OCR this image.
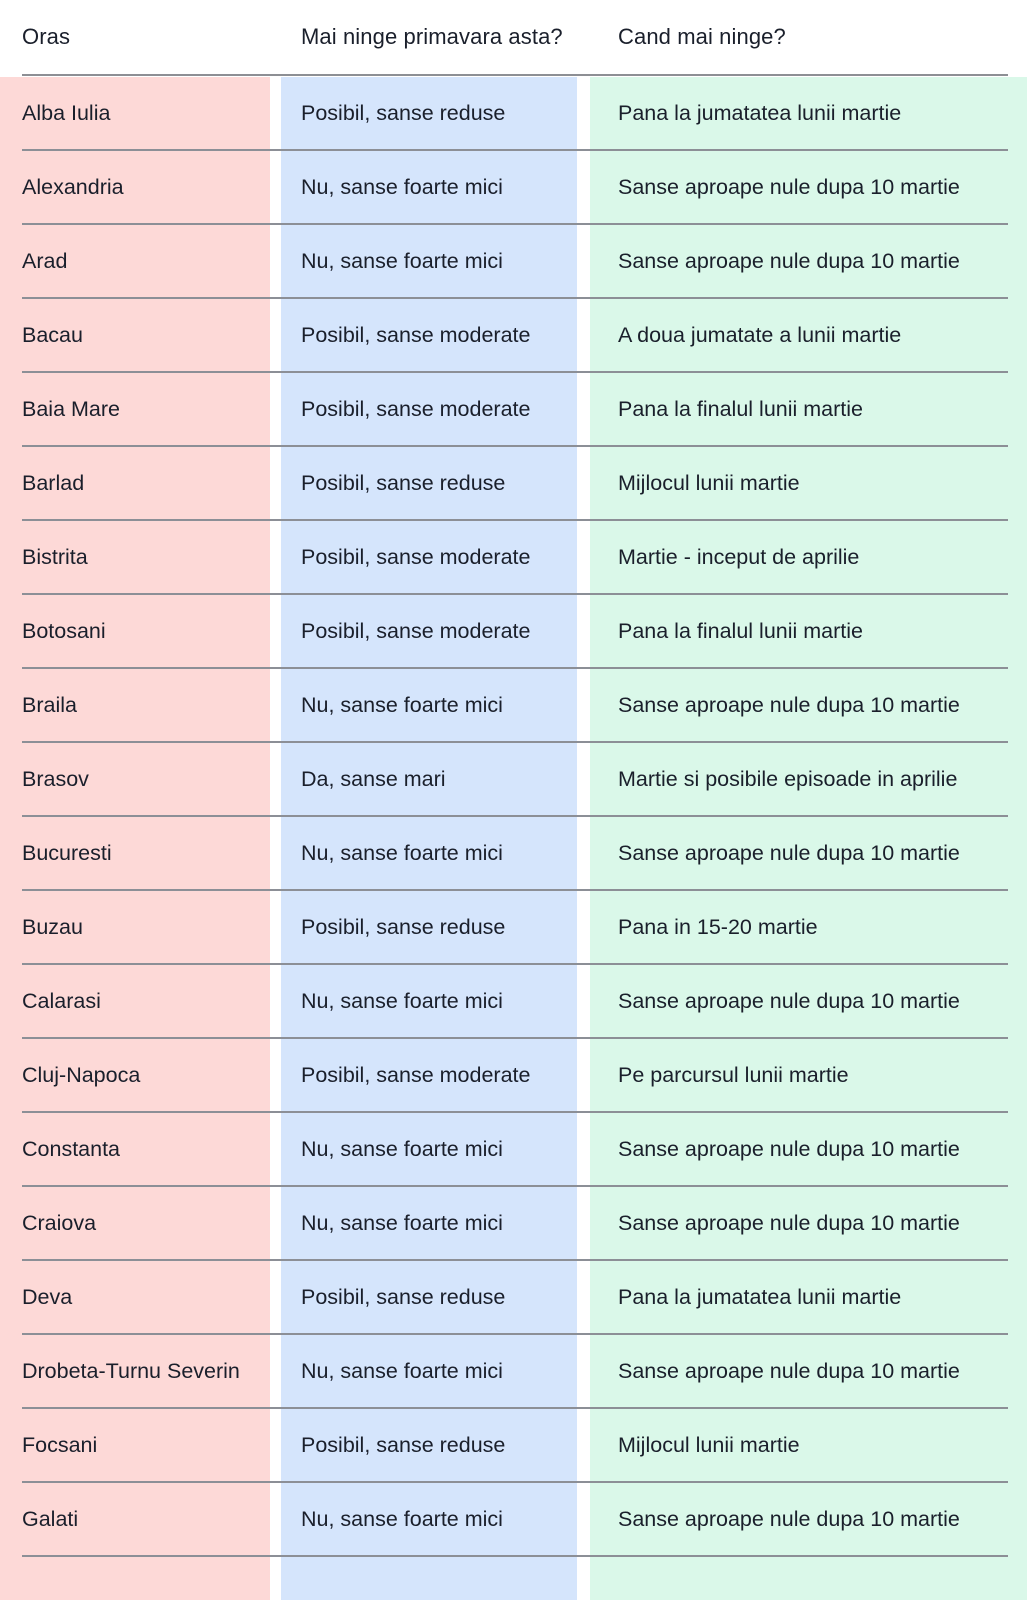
Oras	Mai ninge primavara asta?	Cand mai ninge?
Alba Iulia	Posibil, sanse reduse	Pana la jumatatea lunii martie
Alexandria	Nu, sanse foarte mici	Sanse aproape nule dupa 10 martie
Arad	Nu, sanse foarte mici	Sanse aproape nule dupa 10 martie
Bacau	Posibil, sanse moderate	A doua jumatate a lunii martie
Baia Mare	Posibil, sanse moderate	Pana la finalul lunii martie
Barlad	Posibil, sanse reduse	Mijlocul lunii martie
Bistrita	Posibil, sanse moderate	Martie - inceput de aprilie
Botosani	Posibil, sanse moderate	Pana la finalul lunii martie
Braila	Nu, sanse foarte mici	Sanse aproape nule dupa 10 martie
Brasov	Da, sanse mari	Martie si posibile episoade in aprilie
Bucuresti	Nu, sanse foarte mici	Sanse aproape nule dupa 10 martie
Buzau	Posibil, sanse reduse	Pana in 15-20 martie
Calarasi	Nu, sanse foarte mici	Sanse aproape nule dupa 10 martie
Cluj-Napoca	Posibil, sanse moderate	Pe parcursul lunii martie
Constanta	Nu, sanse foarte mici	Sanse aproape nule dupa 10 martie
Craiova	Nu, sanse foarte mici	Sanse aproape nule dupa 10 martie
Deva	Posibil, sanse reduse	Pana la jumatatea lunii martie
Drobeta-Turnu Severin	Nu, sanse foarte mici	Sanse aproape nule dupa 10 martie
Focsani	Posibil, sanse reduse	Mijlocul lunii martie
Galati	Nu, sanse foarte mici	Sanse aproape nule dupa 10 martie
